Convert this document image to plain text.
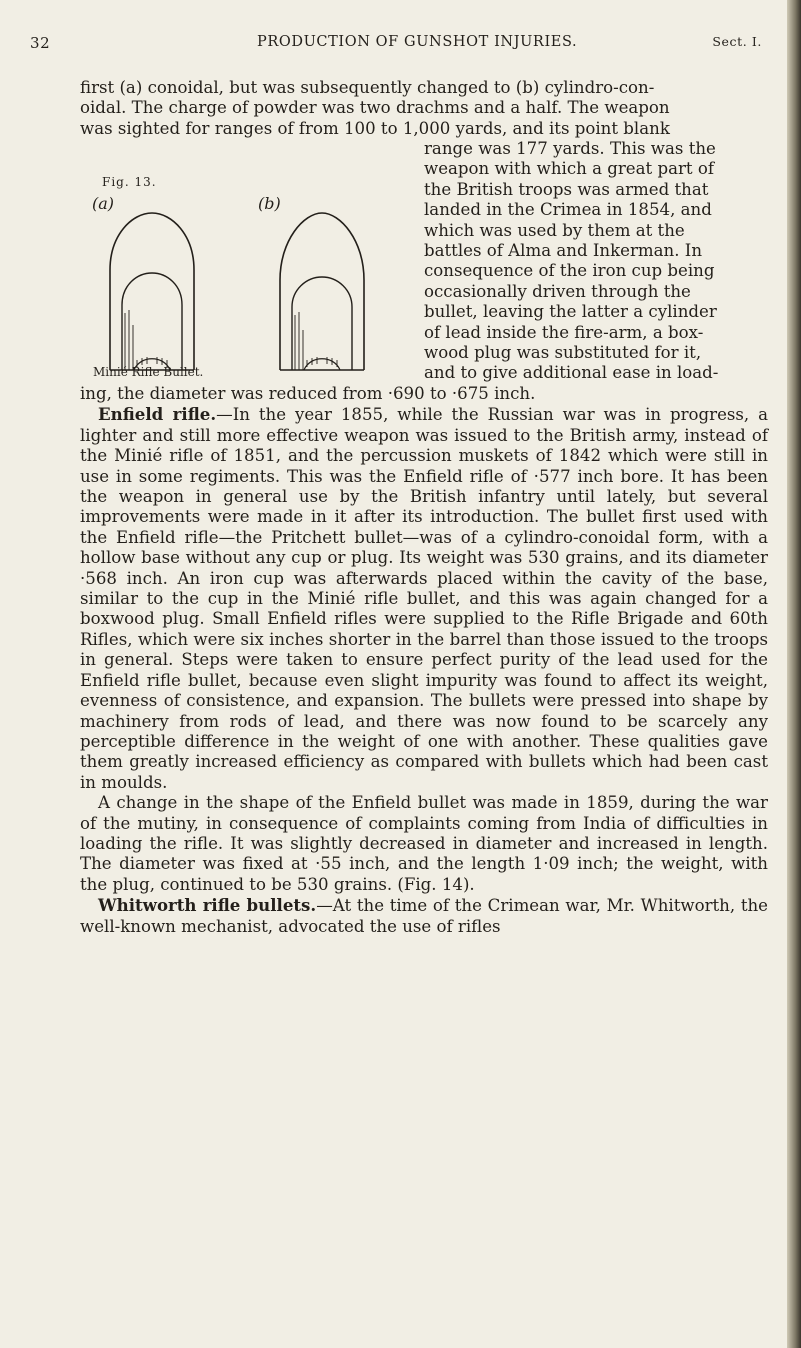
32	PRODUCTION OF GUNSHOT INJURIES.	Sect. I.

first (a) conoidal, but was subsequently changed to (b) cylindro-con-

oidal. The charge of powder was two drachms and a half. The weapon

was sighted for ranges of from 100 to 1,000 yards, and its point blank

Fig. 13.
(a)	(b)
Minié Rifle Bullet.

range was 177 yards. This was the

weapon with which a great part of

the British troops was armed that

landed in the Crimea in 1854, and

which was used by them at the

battles of Alma and Inkerman. In

consequence of the iron cup being

occasionally driven through the

bullet, leaving the latter a cylinder

of lead inside the fire-arm, a box-

wood plug was substituted for it,

and to give additional ease in load-

ing, the diameter was reduced from ·690 to ·675 inch.

Enfield rifle.—In the year 1855, while the Russian war was in progress, a lighter and still more effective weapon was issued to the British army, instead of the Minié rifle of 1851, and the percussion muskets of 1842 which were still in use in some regiments. This was the Enfield rifle of ·577 inch bore. It has been the weapon in general use by the British infantry until lately, but several improvements were made in it after its introduction. The bullet first used with the Enfield rifle—the Pritchett bullet—was of a cylindro-conoidal form, with a hollow base without any cup or plug. Its weight was 530 grains, and its diameter ·568 inch. An iron cup was afterwards placed within the cavity of the base, similar to the cup in the Minié rifle bullet, and this was again changed for a boxwood plug. Small Enfield rifles were supplied to the Rifle Brigade and 60th Rifles, which were six inches shorter in the barrel than those issued to the troops in general. Steps were taken to ensure perfect purity of the lead used for the Enfield rifle bullet, because even slight impurity was found to affect its weight, evenness of consistence, and expansion. The bullets were pressed into shape by machinery from rods of lead, and there was now found to be scarcely any perceptible difference in the weight of one with another. These qualities gave them greatly increased efficiency as compared with bullets which had been cast in moulds.

A change in the shape of the Enfield bullet was made in 1859, during the war of the mutiny, in consequence of complaints coming from India of difficulties in loading the rifle. It was slightly decreased in diameter and increased in length. The diameter was fixed at ·55 inch, and the length 1·09 inch; the weight, with the plug, continued to be 530 grains. (Fig. 14).

Whitworth rifle bullets.—At the time of the Crimean war, Mr. Whitworth, the well-known mechanist, advocated the use of rifles
